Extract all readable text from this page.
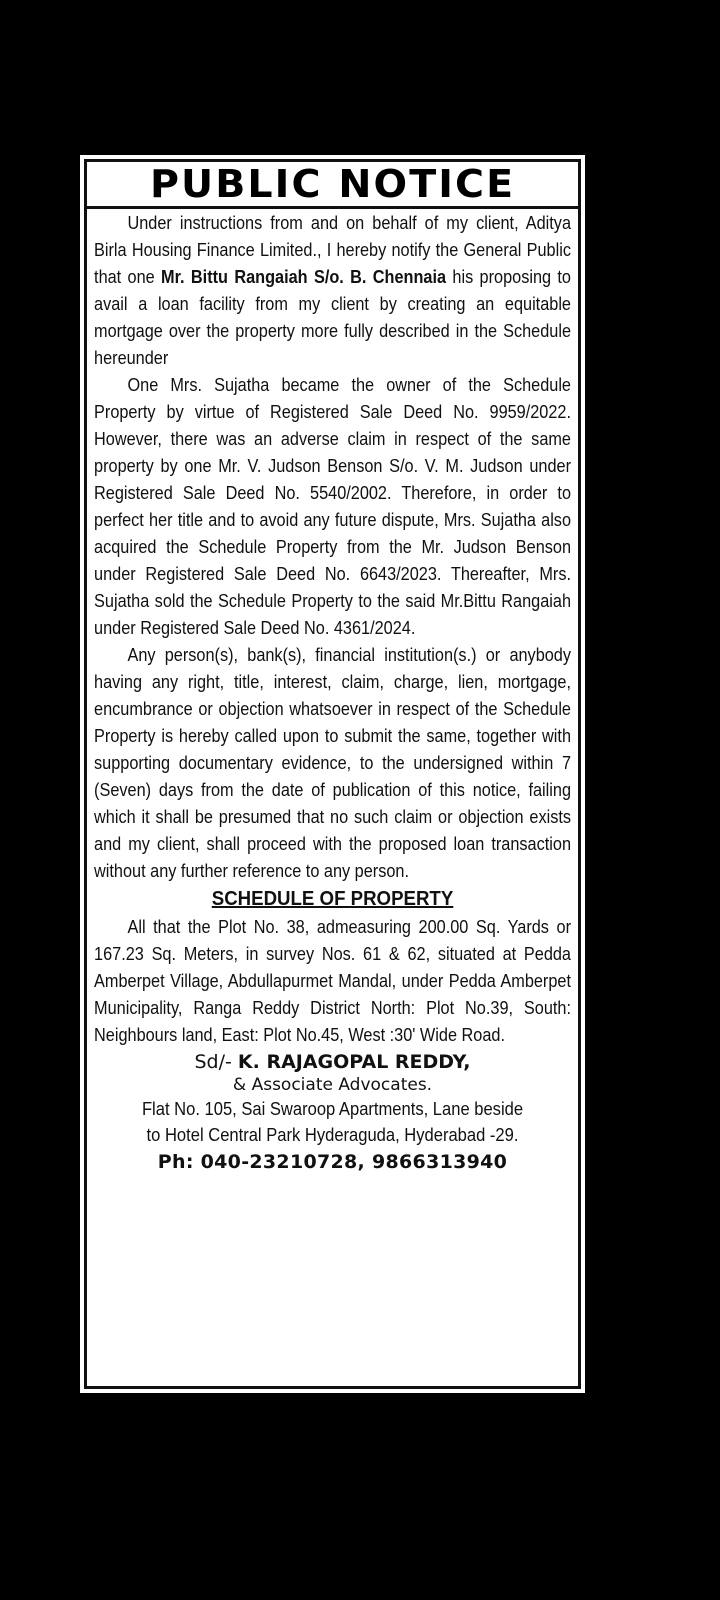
PUBLIC NOTICE

Under instructions from and on behalf of my client, Aditya Birla Housing Finance Limited., I hereby notify the General Public that one Mr. Bittu Rangaiah S/o. B. Chennaia his proposing to avail a loan facility from my client by creating an equitable mortgage over the property more fully described in the Schedule hereunder

One Mrs. Sujatha became the owner of the Schedule Property by virtue of Registered Sale Deed No. 9959/2022. However, there was an adverse claim in respect of the same property by one Mr. V. Judson Benson S/o. V. M. Judson under Registered Sale Deed No. 5540/2002. Therefore, in order to perfect her title and to avoid any future dispute, Mrs. Sujatha also acquired the Schedule Property from the Mr. Judson Benson under Registered Sale Deed No. 6643/2023. Thereafter, Mrs. Sujatha sold the Schedule Property to the said Mr.Bittu Rangaiah under Registered Sale Deed No. 4361/2024.

Any person(s), bank(s), financial institution(s.) or anybody having any right, title, interest, claim, charge, lien, mortgage, encumbrance or objection whatsoever in respect of the Schedule Property is hereby called upon to submit the same, together with supporting documentary evidence, to the undersigned within 7 (Seven) days from the date of publication of this notice, failing which it shall be presumed that no such claim or objection exists and my client, shall proceed with the proposed loan transaction without any further reference to any person.

SCHEDULE OF PROPERTY

All that the Plot No. 38, admeasuring 200.00 Sq. Yards or 167.23 Sq. Meters, in survey Nos. 61 & 62, situated at Pedda Amberpet Village, Abdullapurmet Mandal, under Pedda Amberpet Municipality, Ranga Reddy District North: Plot No.39, South: Neighbours land, East: Plot No.45, West :30' Wide Road.

Sd/- K. RAJAGOPAL REDDY,
& Associate Advocates.
Flat No. 105, Sai Swaroop Apartments, Lane beside
to Hotel Central Park Hyderaguda, Hyderabad -29.
Ph: 040-23210728, 9866313940
